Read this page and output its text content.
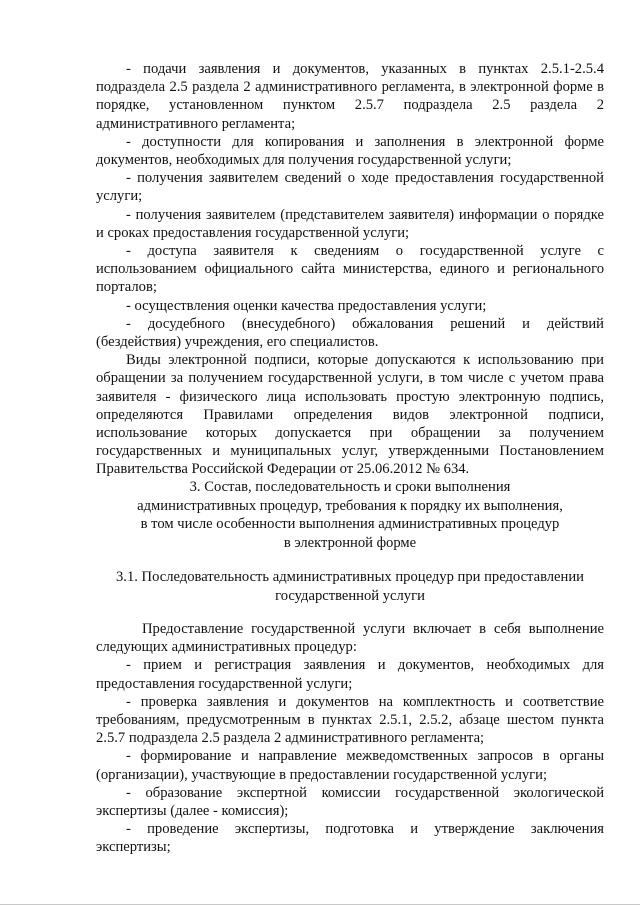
- подачи заявления и документов, указанных в пунктах 2.5.1-2.5.4 подраздела 2.5 раздела 2 административного регламента, в электронной форме в порядке, установленном пунктом 2.5.7 подраздела 2.5 раздела 2 административного регламента;

- доступности для копирования и заполнения в электронной форме документов, необходимых для получения государственной услуги;

- получения заявителем сведений о ходе предоставления государственной услуги;

- получения заявителем (представителем заявителя) информации о порядке и сроках предоставления государственной услуги;

- доступа заявителя к сведениям о государственной услуге с использованием официального сайта министерства, единого и регионального порталов;

- осуществления оценки качества предоставления услуги;

- досудебного (внесудебного) обжалования решений и действий (бездействия) учреждения, его специалистов.

Виды электронной подписи, которые допускаются к использованию при обращении за получением государственной услуги, в том числе с учетом права заявителя - физического лица использовать простую электронную подпись, определяются Правилами определения видов электронной подписи, использование которых допускается при обращении за получением государственных и муниципальных услуг, утвержденными Постановлением Правительства Российской Федерации от 25.06.2012 № 634.

3. Состав, последовательность и сроки выполнения
административных процедур, требования к порядку их выполнения,
в том числе особенности выполнения административных процедур
в электронной форме
3.1. Последовательность административных процедур при предоставлении
государственной услуги

Предоставление государственной услуги включает в себя выполнение следующих административных процедур:

- прием и регистрация заявления и документов, необходимых для предоставления государственной услуги;

- проверка заявления и документов на комплектность и соответствие требованиям, предусмотренным в пунктах 2.5.1, 2.5.2, абзаце шестом пункта 2.5.7 подраздела 2.5 раздела 2 административного регламента;

- формирование и направление межведомственных запросов в органы (организации), участвующие в предоставлении государственной услуги;

- образование экспертной комиссии государственной экологической экспертизы (далее - комиссия);

- проведение экспертизы, подготовка и утверждение заключения экспертизы;
